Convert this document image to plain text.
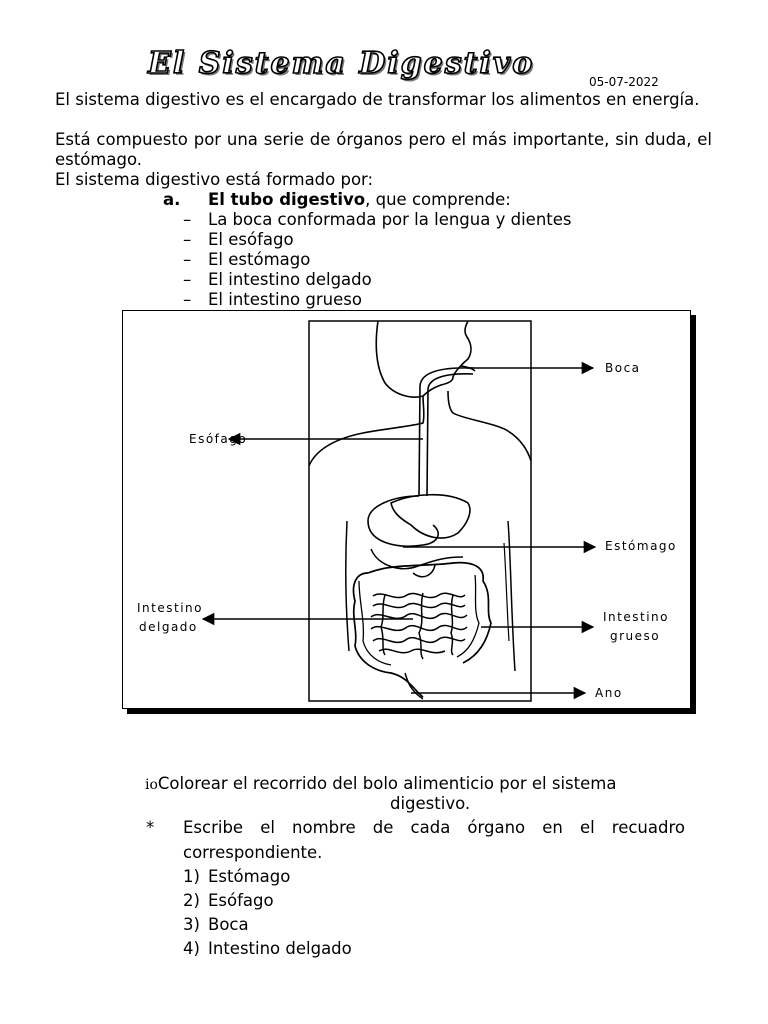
El Sistema Digestivo
05-07-2022
El sistema digestivo es el encargado de transformar los alimentos en energía.
Está compuesto por una serie de órganos pero el más importante, sin duda, el estómago.
El sistema digestivo está formado por:
a. El tubo digestivo, que comprende:
– La boca conformada por la lengua y dientes
– El esófago
– El estómago
– El intestino delgado
– El intestino grueso
Boca
Esófago
Estómago
Intestino
delgado
Intestino
grueso
Ano
ioColorear el recorrido del bolo alimenticio por el sistema
digestivo.
* Escribe el nombre de cada órgano en el recuadro
correspondiente.
1) Estómago
2) Esófago
3) Boca
4) Intestino delgado
